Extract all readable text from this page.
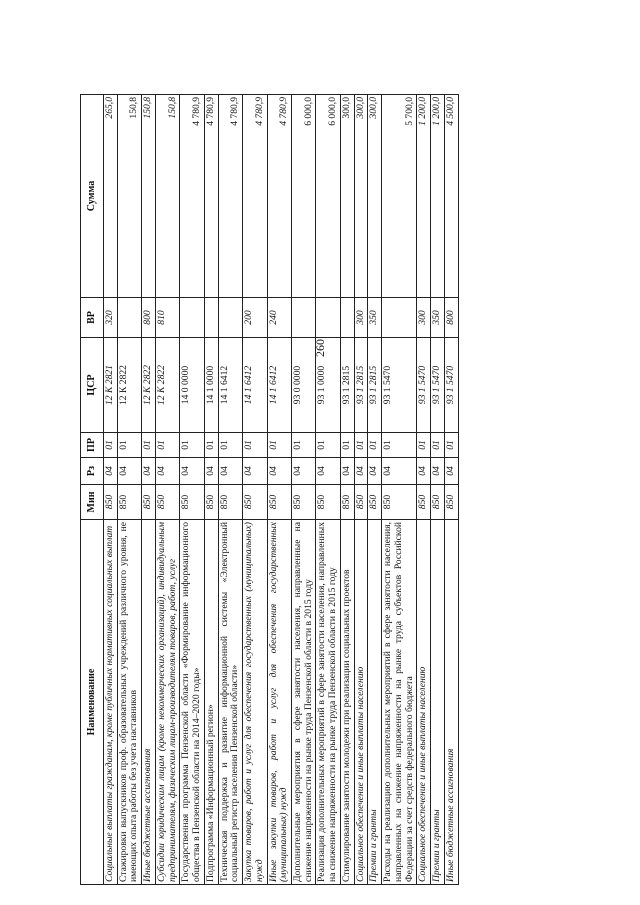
260
Наименование	Мин	Рз	ПР	ЦСР	ВР	Сумма
Социальные выплаты гражданам, кроме публичных нормативных социальных выплат	850	04	01	12 К 2821	320	265,0
Стажировки выпускников проф. образовательных учреждений различного уровня, не имеющих опыта работы без учета наставников	850	04	01	12 К 2822		150,8
Иные бюджетные ассигнования	850	04	01	12 К 2822	800	150,8
Субсидии юридическим лицам (кроме некоммерческих организаций), индивидуальным предпринимателям, физическим лицам-производителям товаров, работ, услуг	850	04	01	12 К 2822	810	150,8
Государственная программа Пензенской области «Формирование информационного общества в Пензенской области на 2014–2020 годы»	850	04	01	14 0 0000		4 780,9
Подпрограмма «Информационный регион»	850	04	01	14 1 0000		4 780,9
Техническая поддержка и развитие информационной системы «Электронный социальный регистр населения Пензенской области»	850	04	01	14 1 6412		4 780,9
Закупка товаров, работ и услуг для обеспечения государственных (муниципальных) нужд	850	04	01	14 1 6412	200	4 780,9
Иные закупки товаров, работ и услуг для обеспечения государственных (муниципальных) нужд	850	04	01	14 1 6412	240	4 780,9
Дополнительные мероприятия в сфере занятости населения, направленные на снижение напряженности на рынке труда Пензенской области в 2015 году	850	04	01	93 0 0000		6 000,0
Реализация дополнительных мероприятий в сфере занятости населения, направленных на снижение напряженности на рынке труда Пензенской области в 2015 году	850	04	01	93 1 0000		6 000,0
Стимулирование занятости молодежи при реализации социальных проектов	850	04	01	93 1 2815		300,0
Социальное обеспечение и иные выплаты населению	850	04	01	93 1 2815	300	300,0
Премии и гранты	850	04	01	93 1 2815	350	300,0
Расходы на реализацию дополнительных мероприятий в сфере занятости населения, направленных на снижение напряженности на рынке труда субъектов Российской Федерации за счет средств федерального бюджета	850	04	01	93 1 5470		5 700,0
Социальное обеспечение и иные выплаты населению	850	04	01	93 1 5470	300	1 200,0
Премии и гранты	850	04	01	93 1 5470	350	1 200,0
Иные бюджетные ассигнования	850	04	01	93 1 5470	800	4 500,0
